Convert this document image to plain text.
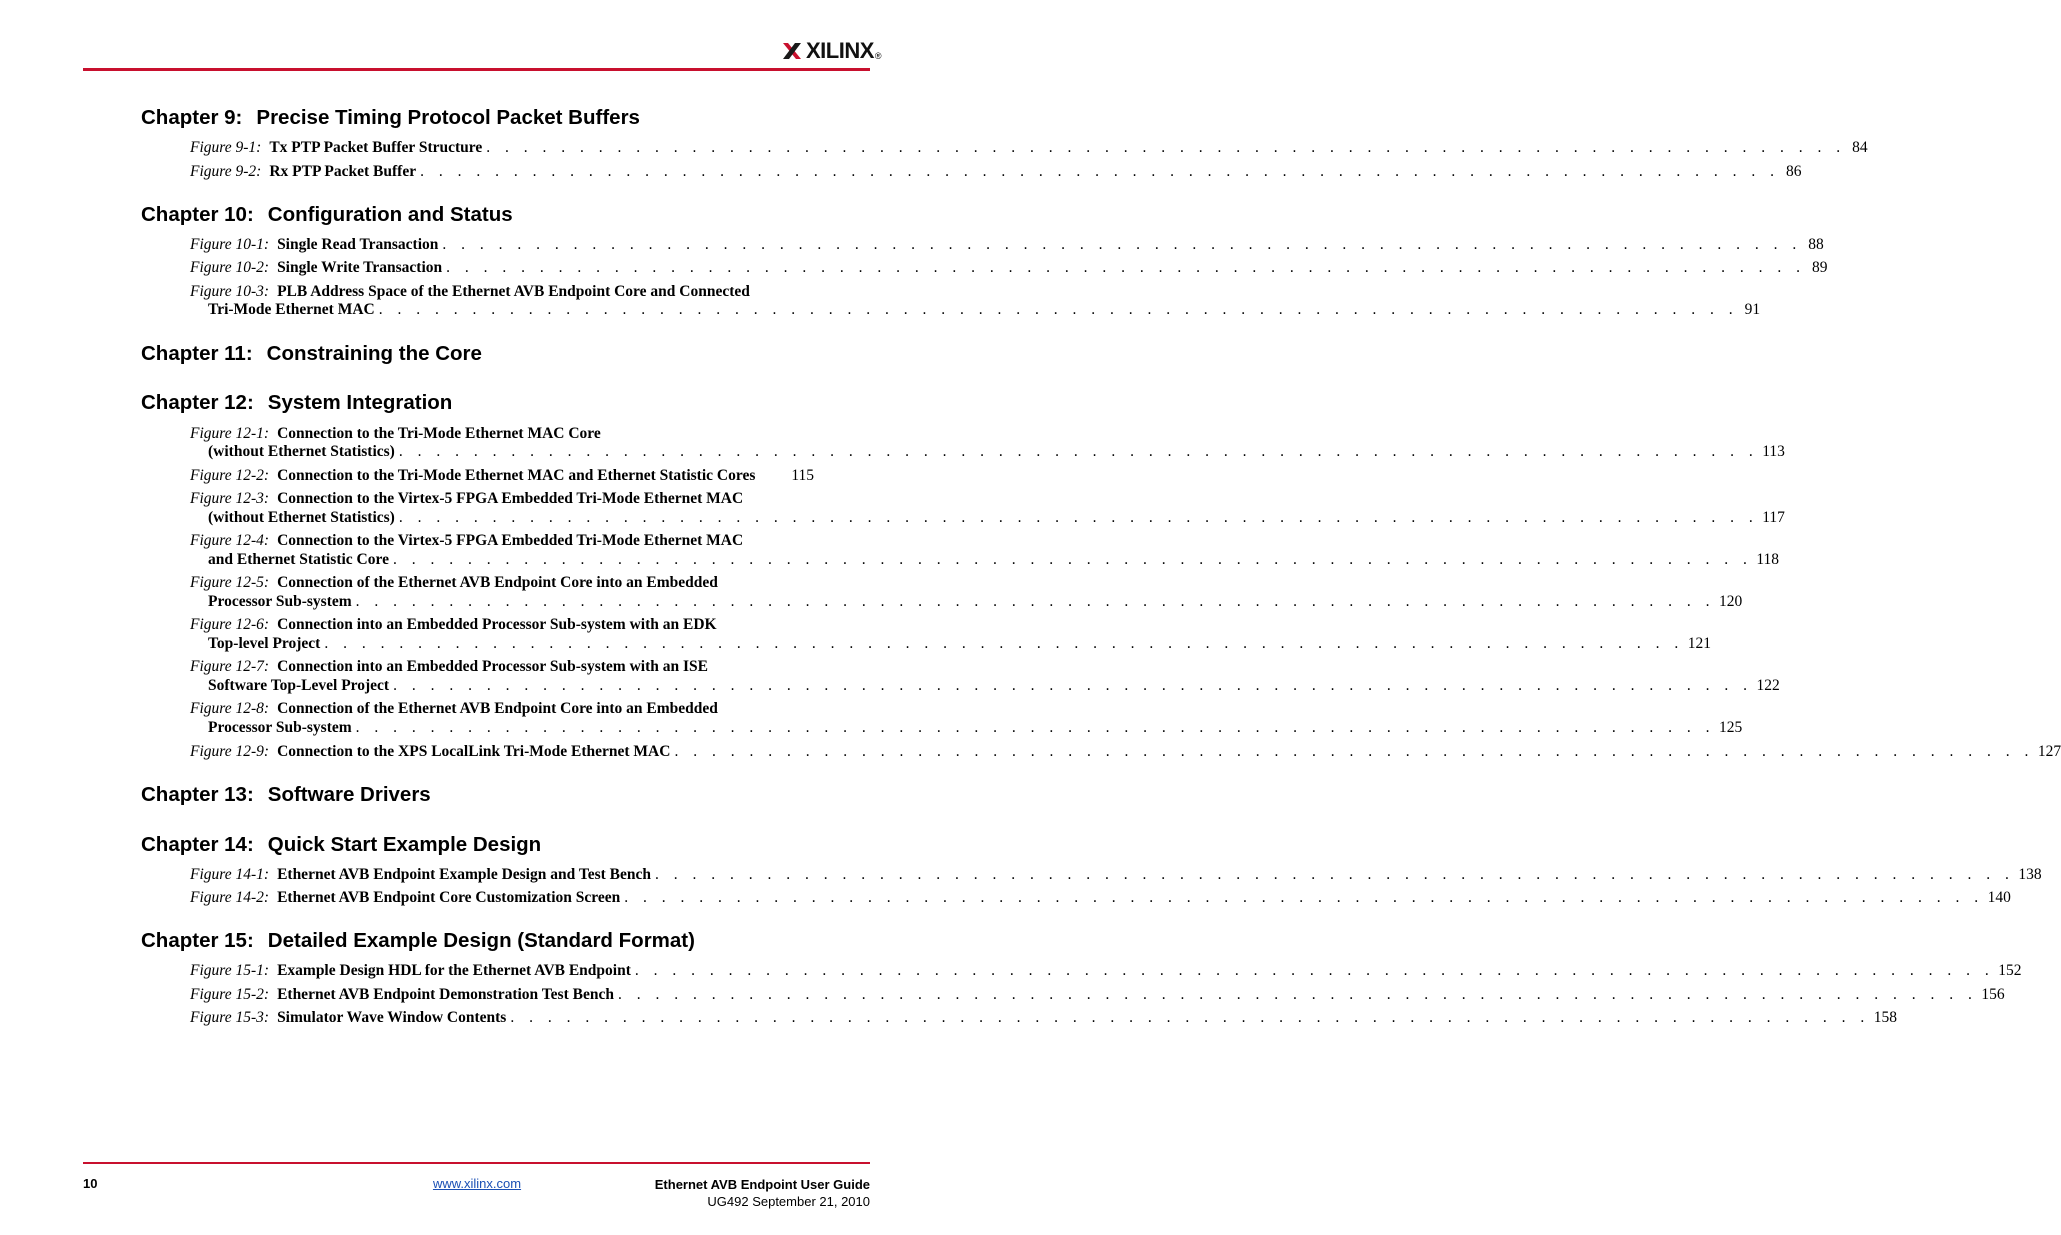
XILINX ®
Chapter 9: Precise Timing Protocol Packet Buffers
Figure 9-1: Tx PTP Packet Buffer Structure . . . . . . . . . . . . . . . . . . . . . . . . . . . . . . . . . . . . . . . . . . . . . . . . . . . . . . . . . . . . . . . . . . . . . . . . . 84
Figure 9-2: Rx PTP Packet Buffer . . . . . . . . . . . . . . . . . . . . . . . . . . . . . . . . . . . . . . . . . . . . . . . . . . . . . . . . . . . . . . . . . . . . . . . . . 86
Chapter 10: Configuration and Status
Figure 10-1: Single Read Transaction . . . . . . . . . . . . . . . . . . . . . . . . . . . . . . . . . . . . . . . . . . . . . . . . . . . . . . . . . . . . . . . . . . . . . . . . . 88
Figure 10-2: Single Write Transaction . . . . . . . . . . . . . . . . . . . . . . . . . . . . . . . . . . . . . . . . . . . . . . . . . . . . . . . . . . . . . . . . . . . . . . . . . 89
Figure 10-3: PLB Address Space of the Ethernet AVB Endpoint Core and Connected
Tri-Mode Ethernet MAC . . . . . . . . . . . . . . . . . . . . . . . . . . . . . . . . . . . . . . . . . . . . . . . . . . . . . . . . . . . . . . . . . . . . . . . . . 91
Chapter 11: Constraining the Core
Chapter 12: System Integration
Figure 12-1: Connection to the Tri-Mode Ethernet MAC Core
(without Ethernet Statistics) . . . . . . . . . . . . . . . . . . . . . . . . . . . . . . . . . . . . . . . . . . . . . . . . . . . . . . . . . . . . . . . . . . . . . . . . . 113
Figure 12-2: Connection to the Tri-Mode Ethernet MAC and Ethernet Statistic Cores 115
Figure 12-3: Connection to the Virtex-5 FPGA Embedded Tri-Mode Ethernet MAC
(without Ethernet Statistics) . . . . . . . . . . . . . . . . . . . . . . . . . . . . . . . . . . . . . . . . . . . . . . . . . . . . . . . . . . . . . . . . . . . . . . . . . 117
Figure 12-4: Connection to the Virtex-5 FPGA Embedded Tri-Mode Ethernet MAC
and Ethernet Statistic Core . . . . . . . . . . . . . . . . . . . . . . . . . . . . . . . . . . . . . . . . . . . . . . . . . . . . . . . . . . . . . . . . . . . . . . . . . 118
Figure 12-5: Connection of the Ethernet AVB Endpoint Core into an Embedded
Processor Sub-system . . . . . . . . . . . . . . . . . . . . . . . . . . . . . . . . . . . . . . . . . . . . . . . . . . . . . . . . . . . . . . . . . . . . . . . . . 120
Figure 12-6: Connection into an Embedded Processor Sub-system with an EDK
Top-level Project . . . . . . . . . . . . . . . . . . . . . . . . . . . . . . . . . . . . . . . . . . . . . . . . . . . . . . . . . . . . . . . . . . . . . . . . . 121
Figure 12-7: Connection into an Embedded Processor Sub-system with an ISE
Software Top-Level Project . . . . . . . . . . . . . . . . . . . . . . . . . . . . . . . . . . . . . . . . . . . . . . . . . . . . . . . . . . . . . . . . . . . . . . . . . 122
Figure 12-8: Connection of the Ethernet AVB Endpoint Core into an Embedded
Processor Sub-system . . . . . . . . . . . . . . . . . . . . . . . . . . . . . . . . . . . . . . . . . . . . . . . . . . . . . . . . . . . . . . . . . . . . . . . . . 125
Figure 12-9: Connection to the XPS LocalLink Tri-Mode Ethernet MAC . . . . . . . . . . . . . . . . . . . . . . . . . . . . . . . . . . . . . . . . . . . . . . . . . . . . . . . . . . . . . . . . . . . . . . . . . 127
Chapter 13: Software Drivers
Chapter 14: Quick Start Example Design
Figure 14-1: Ethernet AVB Endpoint Example Design and Test Bench . . . . . . . . . . . . . . . . . . . . . . . . . . . . . . . . . . . . . . . . . . . . . . . . . . . . . . . . . . . . . . . . . . . . . . . . . 138
Figure 14-2: Ethernet AVB Endpoint Core Customization Screen . . . . . . . . . . . . . . . . . . . . . . . . . . . . . . . . . . . . . . . . . . . . . . . . . . . . . . . . . . . . . . . . . . . . . . . . . 140
Chapter 15: Detailed Example Design (Standard Format)
Figure 15-1: Example Design HDL for the Ethernet AVB Endpoint . . . . . . . . . . . . . . . . . . . . . . . . . . . . . . . . . . . . . . . . . . . . . . . . . . . . . . . . . . . . . . . . . . . . . . . . . 152
Figure 15-2: Ethernet AVB Endpoint Demonstration Test Bench . . . . . . . . . . . . . . . . . . . . . . . . . . . . . . . . . . . . . . . . . . . . . . . . . . . . . . . . . . . . . . . . . . . . . . . . . 156
Figure 15-3: Simulator Wave Window Contents . . . . . . . . . . . . . . . . . . . . . . . . . . . . . . . . . . . . . . . . . . . . . . . . . . . . . . . . . . . . . . . . . . . . . . . . . 158
10	www.xilinx.com	Ethernet AVB Endpoint User Guide
UG492 September 21, 2010
